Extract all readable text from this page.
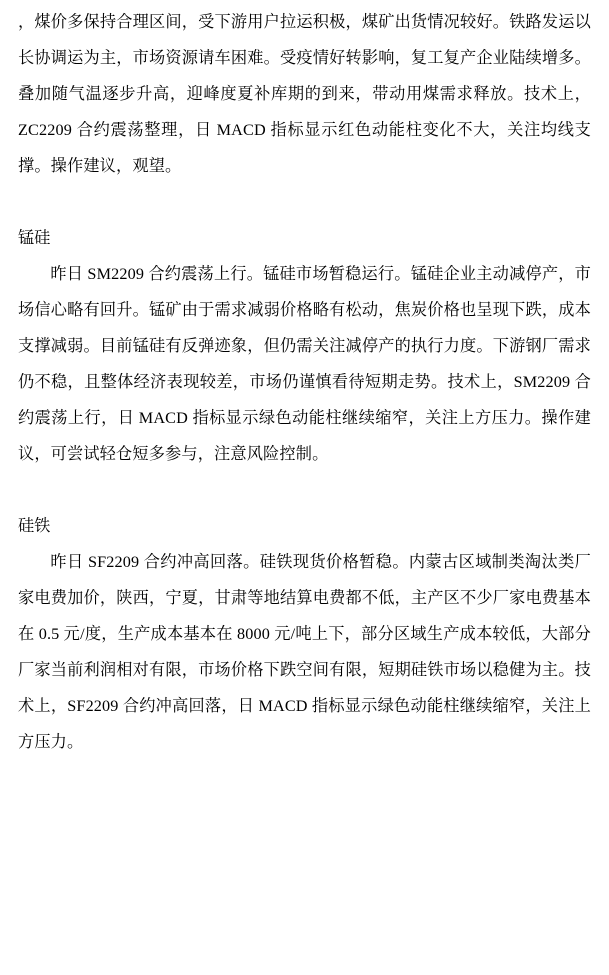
，煤价多保持合理区间，受下游用户拉运积极，煤矿出货情况较好。铁路发运以长协调运为主，市场资源请车困难。受疫情好转影响，复工复产企业陆续增多。叠加随气温逐步升高，迎峰度夏补库期的到来，带动用煤需求释放。技术上，ZC2209 合约震荡整理，日 MACD 指标显示红色动能柱变化不大，关注均线支撑。操作建议，观望。

锰硅

昨日 SM2209 合约震荡上行。锰硅市场暂稳运行。锰硅企业主动减停产，市场信心略有回升。锰矿由于需求减弱价格略有松动，焦炭价格也呈现下跌，成本支撑减弱。目前锰硅有反弹迹象，但仍需关注减停产的执行力度。下游钢厂需求仍不稳，且整体经济表现较差，市场仍谨慎看待短期走势。技术上，SM2209 合约震荡上行，日 MACD 指标显示绿色动能柱继续缩窄，关注上方压力。操作建议，可尝试轻仓短多参与，注意风险控制。

硅铁

昨日 SF2209 合约冲高回落。硅铁现货价格暂稳。内蒙古区域制类淘汰类厂家电费加价，陕西，宁夏，甘肃等地结算电费都不低，主产区不少厂家电费基本在 0.5 元/度，生产成本基本在 8000 元/吨上下，部分区域生产成本较低，大部分厂家当前利润相对有限，市场价格下跌空间有限，短期硅铁市场以稳健为主。技术上，SF2209 合约冲高回落，日 MACD 指标显示绿色动能柱继续缩窄，关注上方压力。
